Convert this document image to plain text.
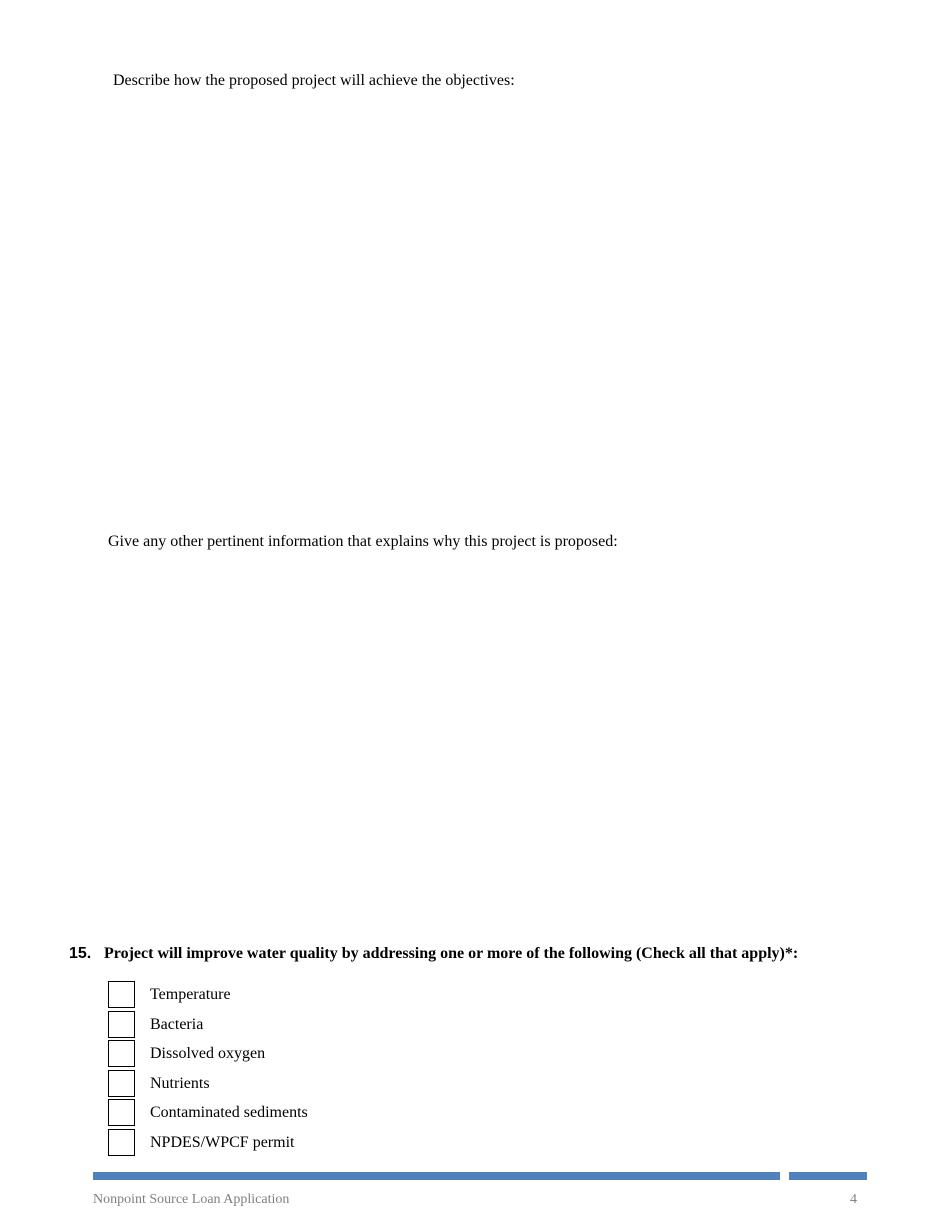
Describe how the proposed project will achieve the objectives:
Give any other pertinent information that explains why this project is proposed:
15. Project will improve water quality by addressing one or more of the following (Check all that apply)*:
Temperature
Bacteria
Dissolved oxygen
Nutrients
Contaminated sediments
NPDES/WPCF permit
Nonpoint Source Loan Application	4
